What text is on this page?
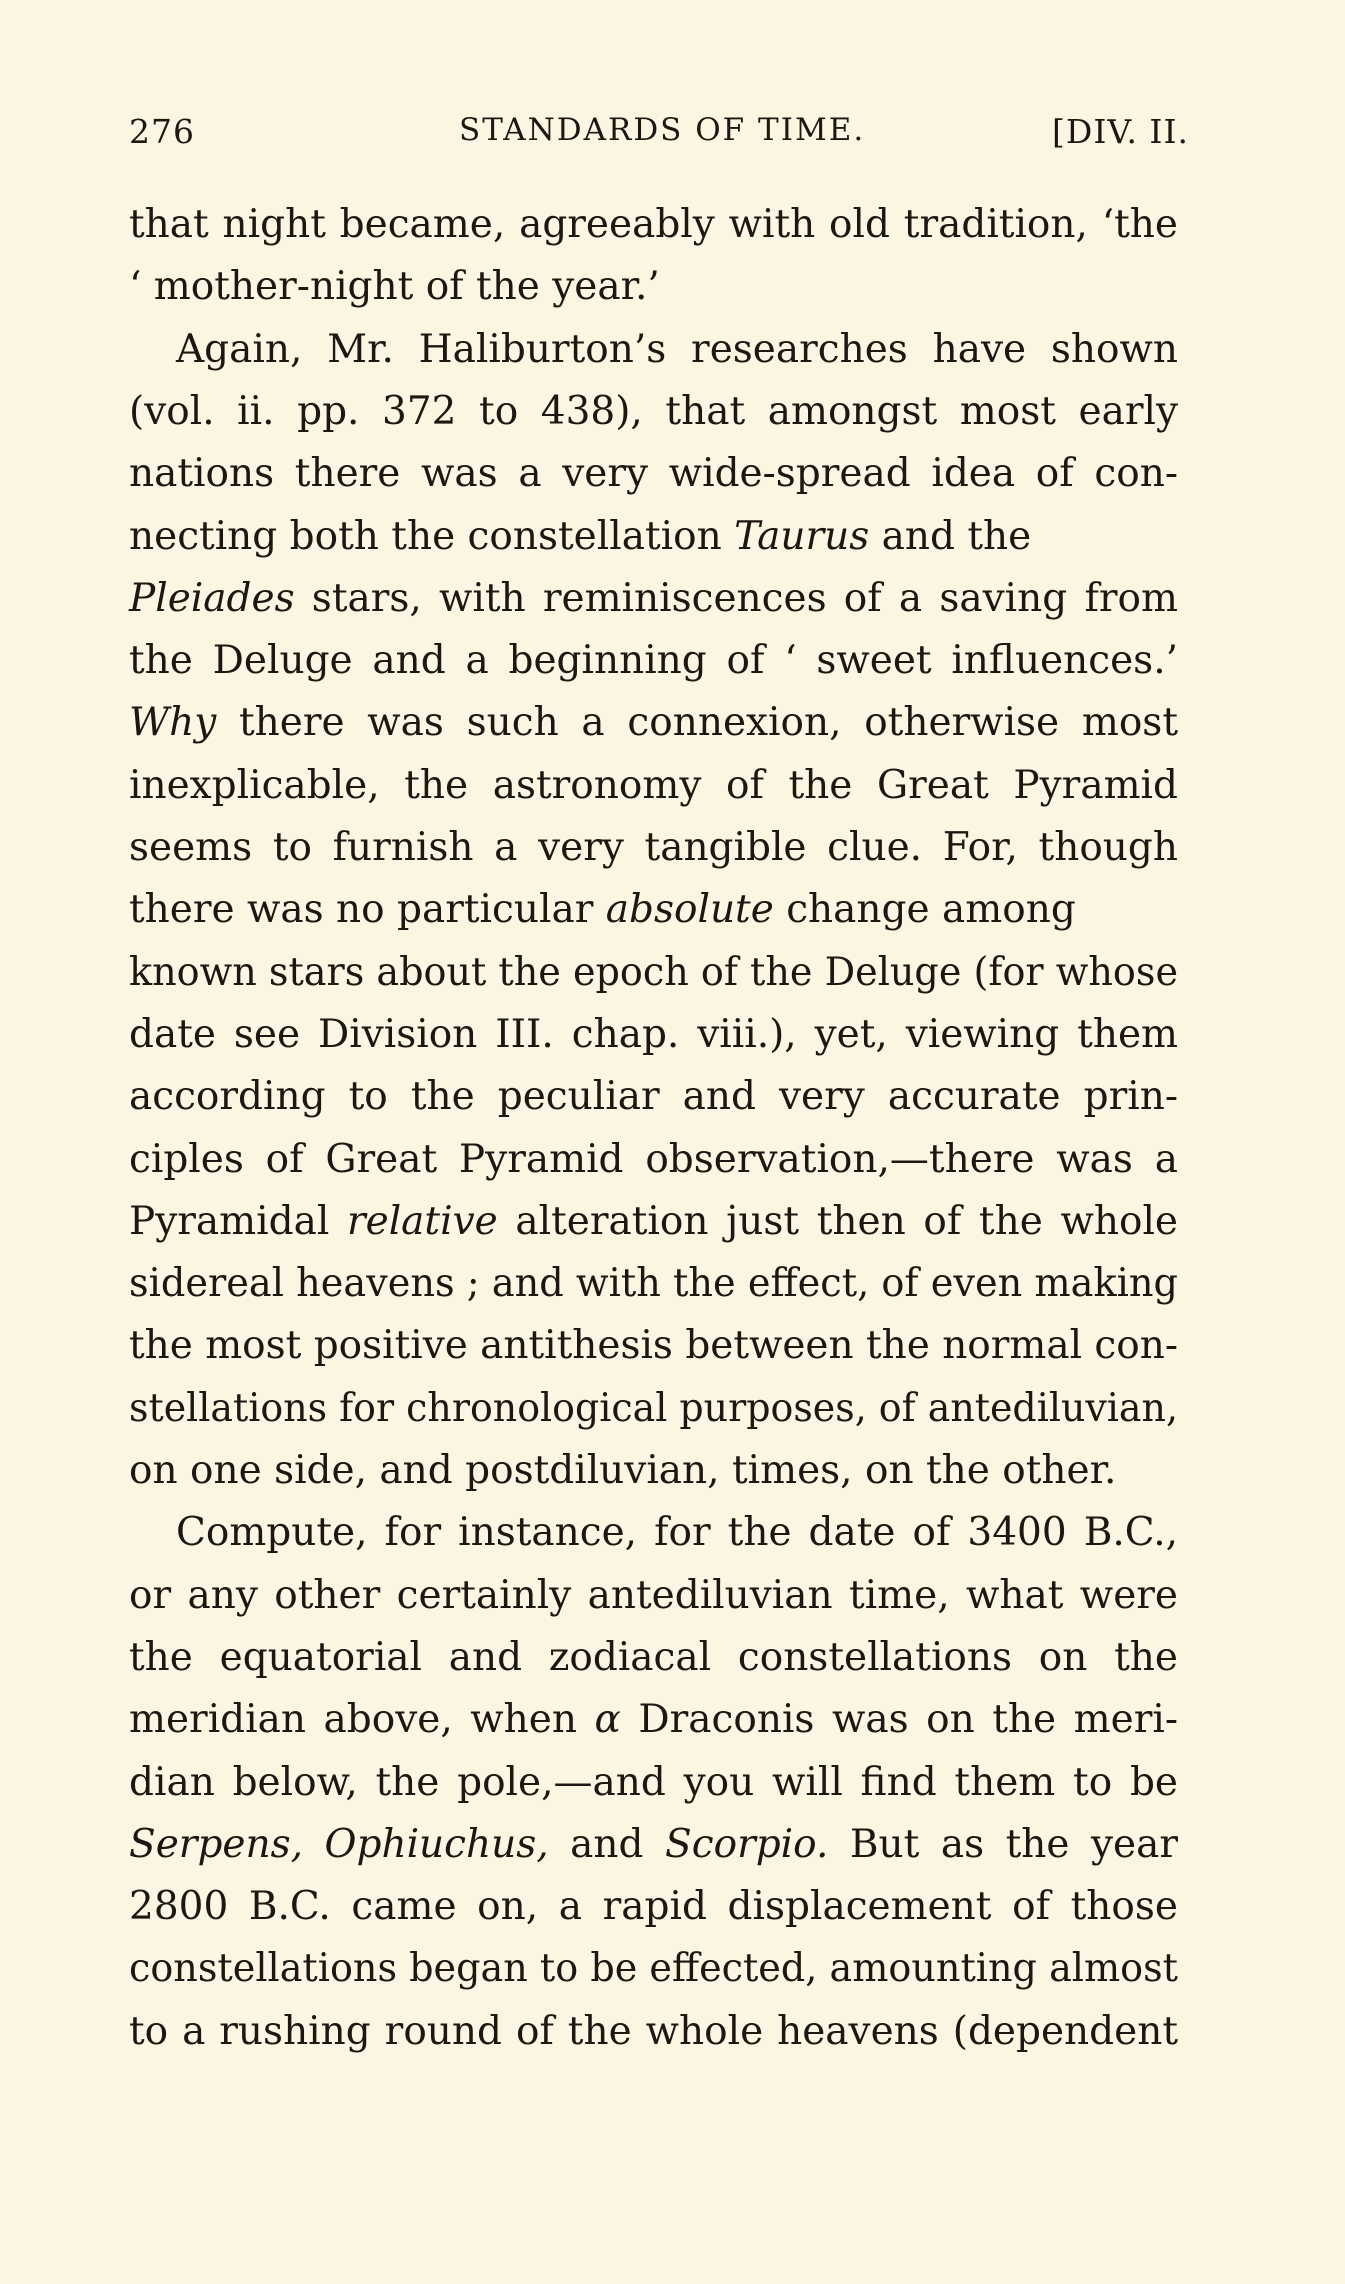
276	STANDARDS OF TIME.	[DIV. II.
that night became, agreeably with old tradition, ‘the
‘ mother-night of the year.’
Again, Mr. Haliburton’s researches have shown
(vol. ii. pp. 372 to 438), that amongst most early
nations there was a very wide-spread idea of con-
necting both the constellation Taurus and the
Pleiades stars, with reminiscences of a saving from
the Deluge and a beginning of ‘ sweet influences.’
Why there was such a connexion, otherwise most
inexplicable, the astronomy of the Great Pyramid
seems to furnish a very tangible clue. For, though
there was no particular absolute change among
known stars about the epoch of the Deluge (for whose
date see Division III. chap. viii.), yet, viewing them
according to the peculiar and very accurate prin-
ciples of Great Pyramid observation,—there was a
Pyramidal relative alteration just then of the whole
sidereal heavens ; and with the effect, of even making
the most positive antithesis between the normal con-
stellations for chronological purposes, of antediluvian,
on one side, and postdiluvian, times, on the other.
Compute, for instance, for the date of 3400 B.C.,
or any other certainly antediluvian time, what were
the equatorial and zodiacal constellations on the
meridian above, when α Draconis was on the meri-
dian below, the pole,—and you will find them to be
Serpens, Ophiuchus, and Scorpio. But as the year
2800 B.C. came on, a rapid displacement of those
constellations began to be effected, amounting almost
to a rushing round of the whole heavens (dependent
